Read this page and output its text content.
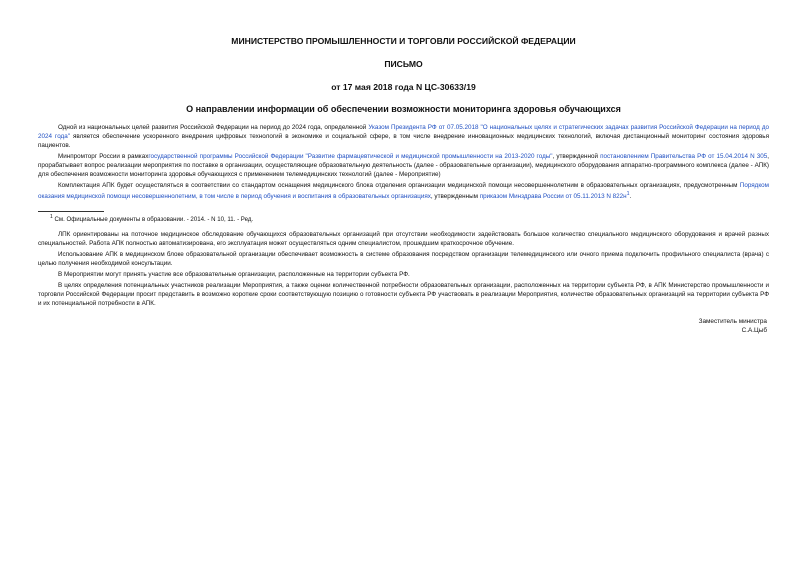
МИНИСТЕРСТВО ПРОМЫШЛЕННОСТИ И ТОРГОВЛИ РОССИЙСКОЙ ФЕДЕРАЦИИ

ПИСЬМО

от 17 мая 2018 года N ЦС-30633/19

О направлении информации об обеспечении возможности мониторинга здоровья обучающихся

Одной из национальных целей развития Российской Федерации на период до 2024 года, определенной Указом Президента РФ от 07.05.2018 "О национальных целях и стратегических задачах развития Российской Федерации на период до 2024 года" является обеспечение ускоренного внедрения цифровых технологий в экономике и социальной сфере, в том числе внедрение инновационных медицинских технологий, включая дистанционный мониторинг состояния здоровья пациентов.

Минпромторг России в рамкахгосударственной программы Российской Федерации "Развитие фармацевтической и медицинской промышленности на 2013-2020 годы", утвержденной постановлением Правительства РФ от 15.04.2014 N 305, прорабатывает вопрос реализации мероприятия по поставке в организации, осуществляющие образовательную деятельность (далее - образовательные организации), медицинского оборудования аппаратно-программного комплекса (далее - АПК) для обеспечения возможности мониторинга здоровья обучающихся с применением телемедицинских технологий (далее - Мероприятие)

Комплектация АПК будет осуществляться в соответствии со стандартом оснащения медицинского блока отделения организации медицинской помощи несовершеннолетним в образовательных организациях, предусмотренным Порядком оказания медицинской помощи несовершеннолетним, в том числе в период обучения и воспитания в образовательных организациях, утвержденным приказом Минздрава России от 05.11.2013 N $822н^1$.

$^1$ См. Официальные документы в образовании. - 2014. - N 10, 11. - Ред.

ЛПК ориентированы на поточное медицинское обследование обучающихся образовательных организаций при отсутствии необходимости задействовать большое количество специального медицинского оборудования и врачей разных специальностей. Работа АПК полностью автоматизирована, его эксплуатация может осуществляться одним специалистом, прошедшим краткосрочное обучение.

Использование АПК в медицинском блоке образовательной организации обеспечивает возможность в системе образования посредством организации телемедицинского или очного приема подключить профильного специалиста (врача) с целью получения необходимой консультации.

В Мероприятии могут принять участие все образовательные организации, расположенные на территории субъекта РФ.

В целях определения потенциальных участников реализации Мероприятия, а также оценки количественной потребности образовательных организации, расположенных на территории субъекта РФ, в АПК Министерство промышленности и торговли Российской Федерации просит представить в возможно короткие сроки соответствующую позицию о готовности субъекта РФ участвовать в реализации Мероприятия, количестве образовательных организаций на территории субъекта РФ и их потенциальной потребности в АПК.

Заместитель министра
С.А.Цыб
